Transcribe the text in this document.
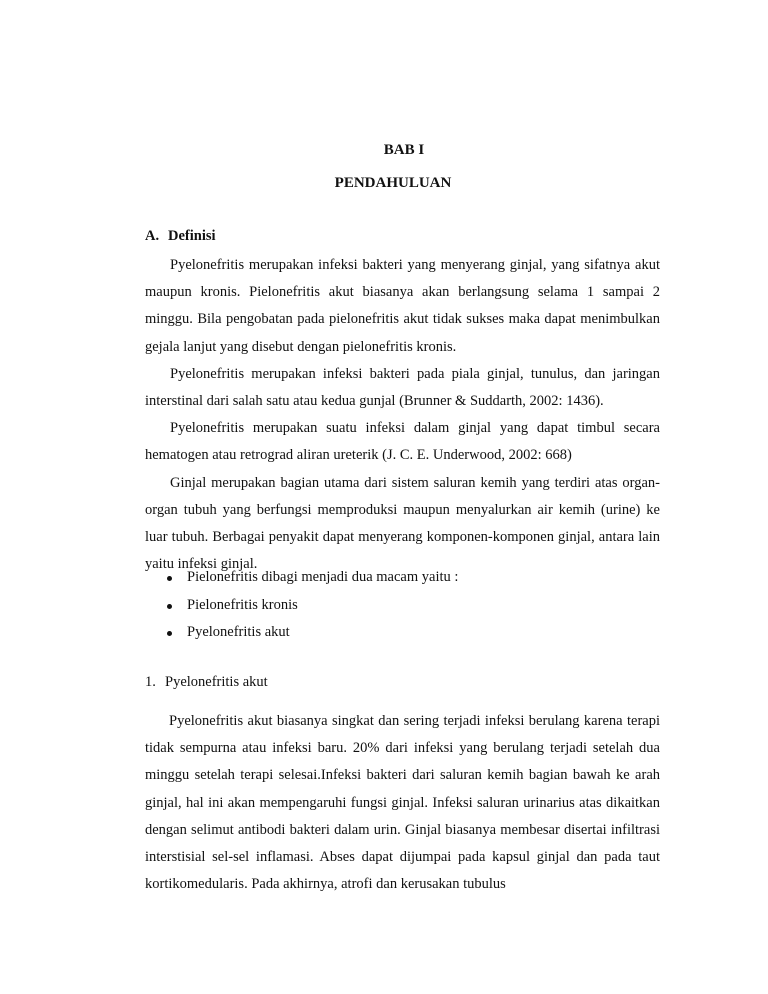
BAB I
PENDAHULUAN
A. Definisi

Pyelonefritis merupakan infeksi bakteri yang menyerang ginjal, yang sifatnya akut maupun kronis. Pielonefritis akut biasanya akan berlangsung selama 1 sampai 2 minggu. Bila pengobatan pada pielonefritis akut tidak sukses maka dapat menimbulkan gejala lanjut yang disebut dengan pielonefritis kronis.

Pyelonefritis merupakan infeksi bakteri pada piala ginjal, tunulus, dan jaringan interstinal dari salah satu atau kedua gunjal (Brunner & Suddarth, 2002: 1436).

Pyelonefritis merupakan suatu infeksi dalam ginjal yang dapat timbul secara hematogen atau retrograd aliran ureterik (J. C. E. Underwood, 2002: 668)

Ginjal merupakan bagian utama dari sistem saluran kemih yang terdiri atas organ-organ tubuh yang berfungsi memproduksi maupun menyalurkan air kemih (urine) ke luar tubuh. Berbagai penyakit dapat menyerang komponen-komponen ginjal, antara lain yaitu infeksi ginjal.

Pielonefritis dibagi menjadi dua macam yaitu :
Pielonefritis kronis
Pyelonefritis akut
1. Pyelonefritis akut

Pyelonefritis akut biasanya singkat dan sering terjadi infeksi berulang karena terapi tidak sempurna atau infeksi baru. 20% dari infeksi yang berulang terjadi setelah dua minggu setelah terapi selesai.Infeksi bakteri dari saluran kemih bagian bawah ke arah ginjal, hal ini akan mempengaruhi fungsi ginjal. Infeksi saluran urinarius atas dikaitkan dengan selimut antibodi bakteri dalam urin. Ginjal biasanya membesar disertai infiltrasi interstisial sel-sel inflamasi. Abses dapat dijumpai pada kapsul ginjal dan pada taut kortikomedularis. Pada akhirnya, atrofi dan kerusakan tubulus
